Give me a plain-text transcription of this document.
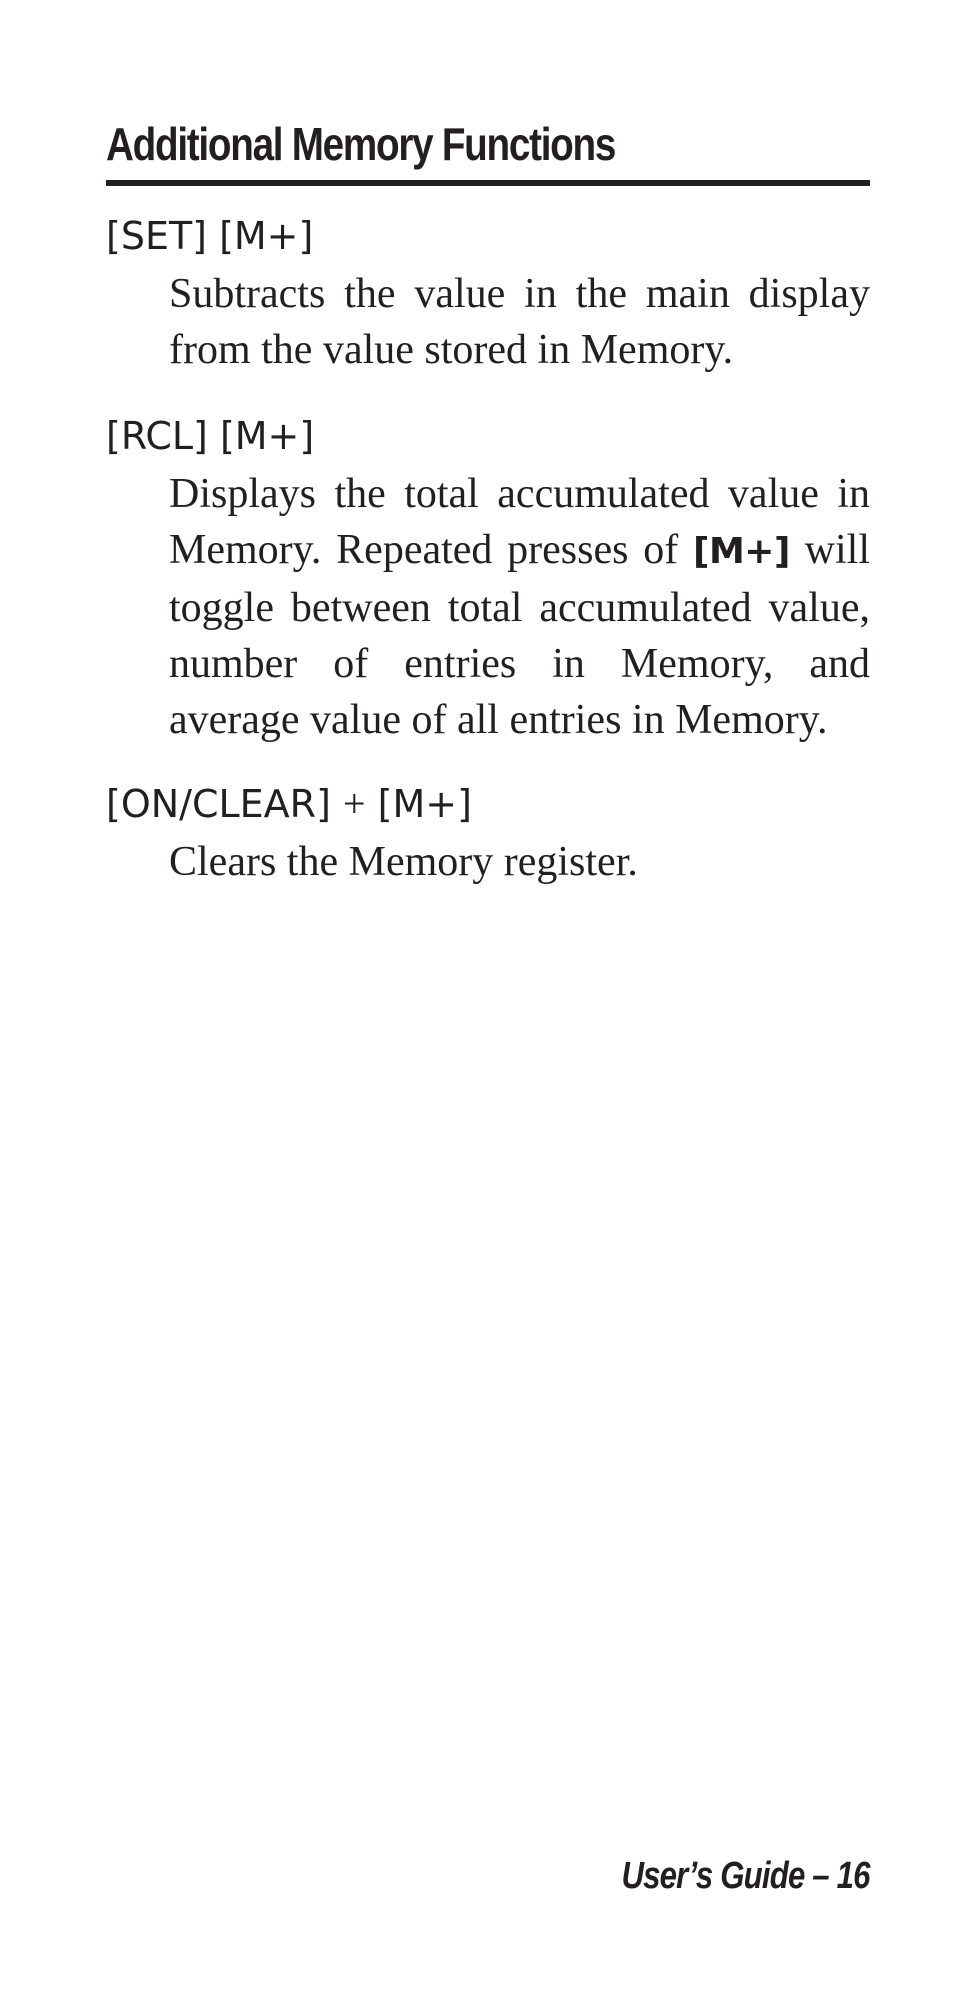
Additional Memory Functions
[SET] [M+]
Subtracts the value in the main display from the value stored in Memory.
[RCL] [M+]
Displays the total accumulated value in Memory. Repeated presses of [M+] will toggle between total accumulated value, number of entries in Memory, and average value of all entries in Memory.
[ON/CLEAR] + [M+]
Clears the Memory register.
User’s Guide – 16
